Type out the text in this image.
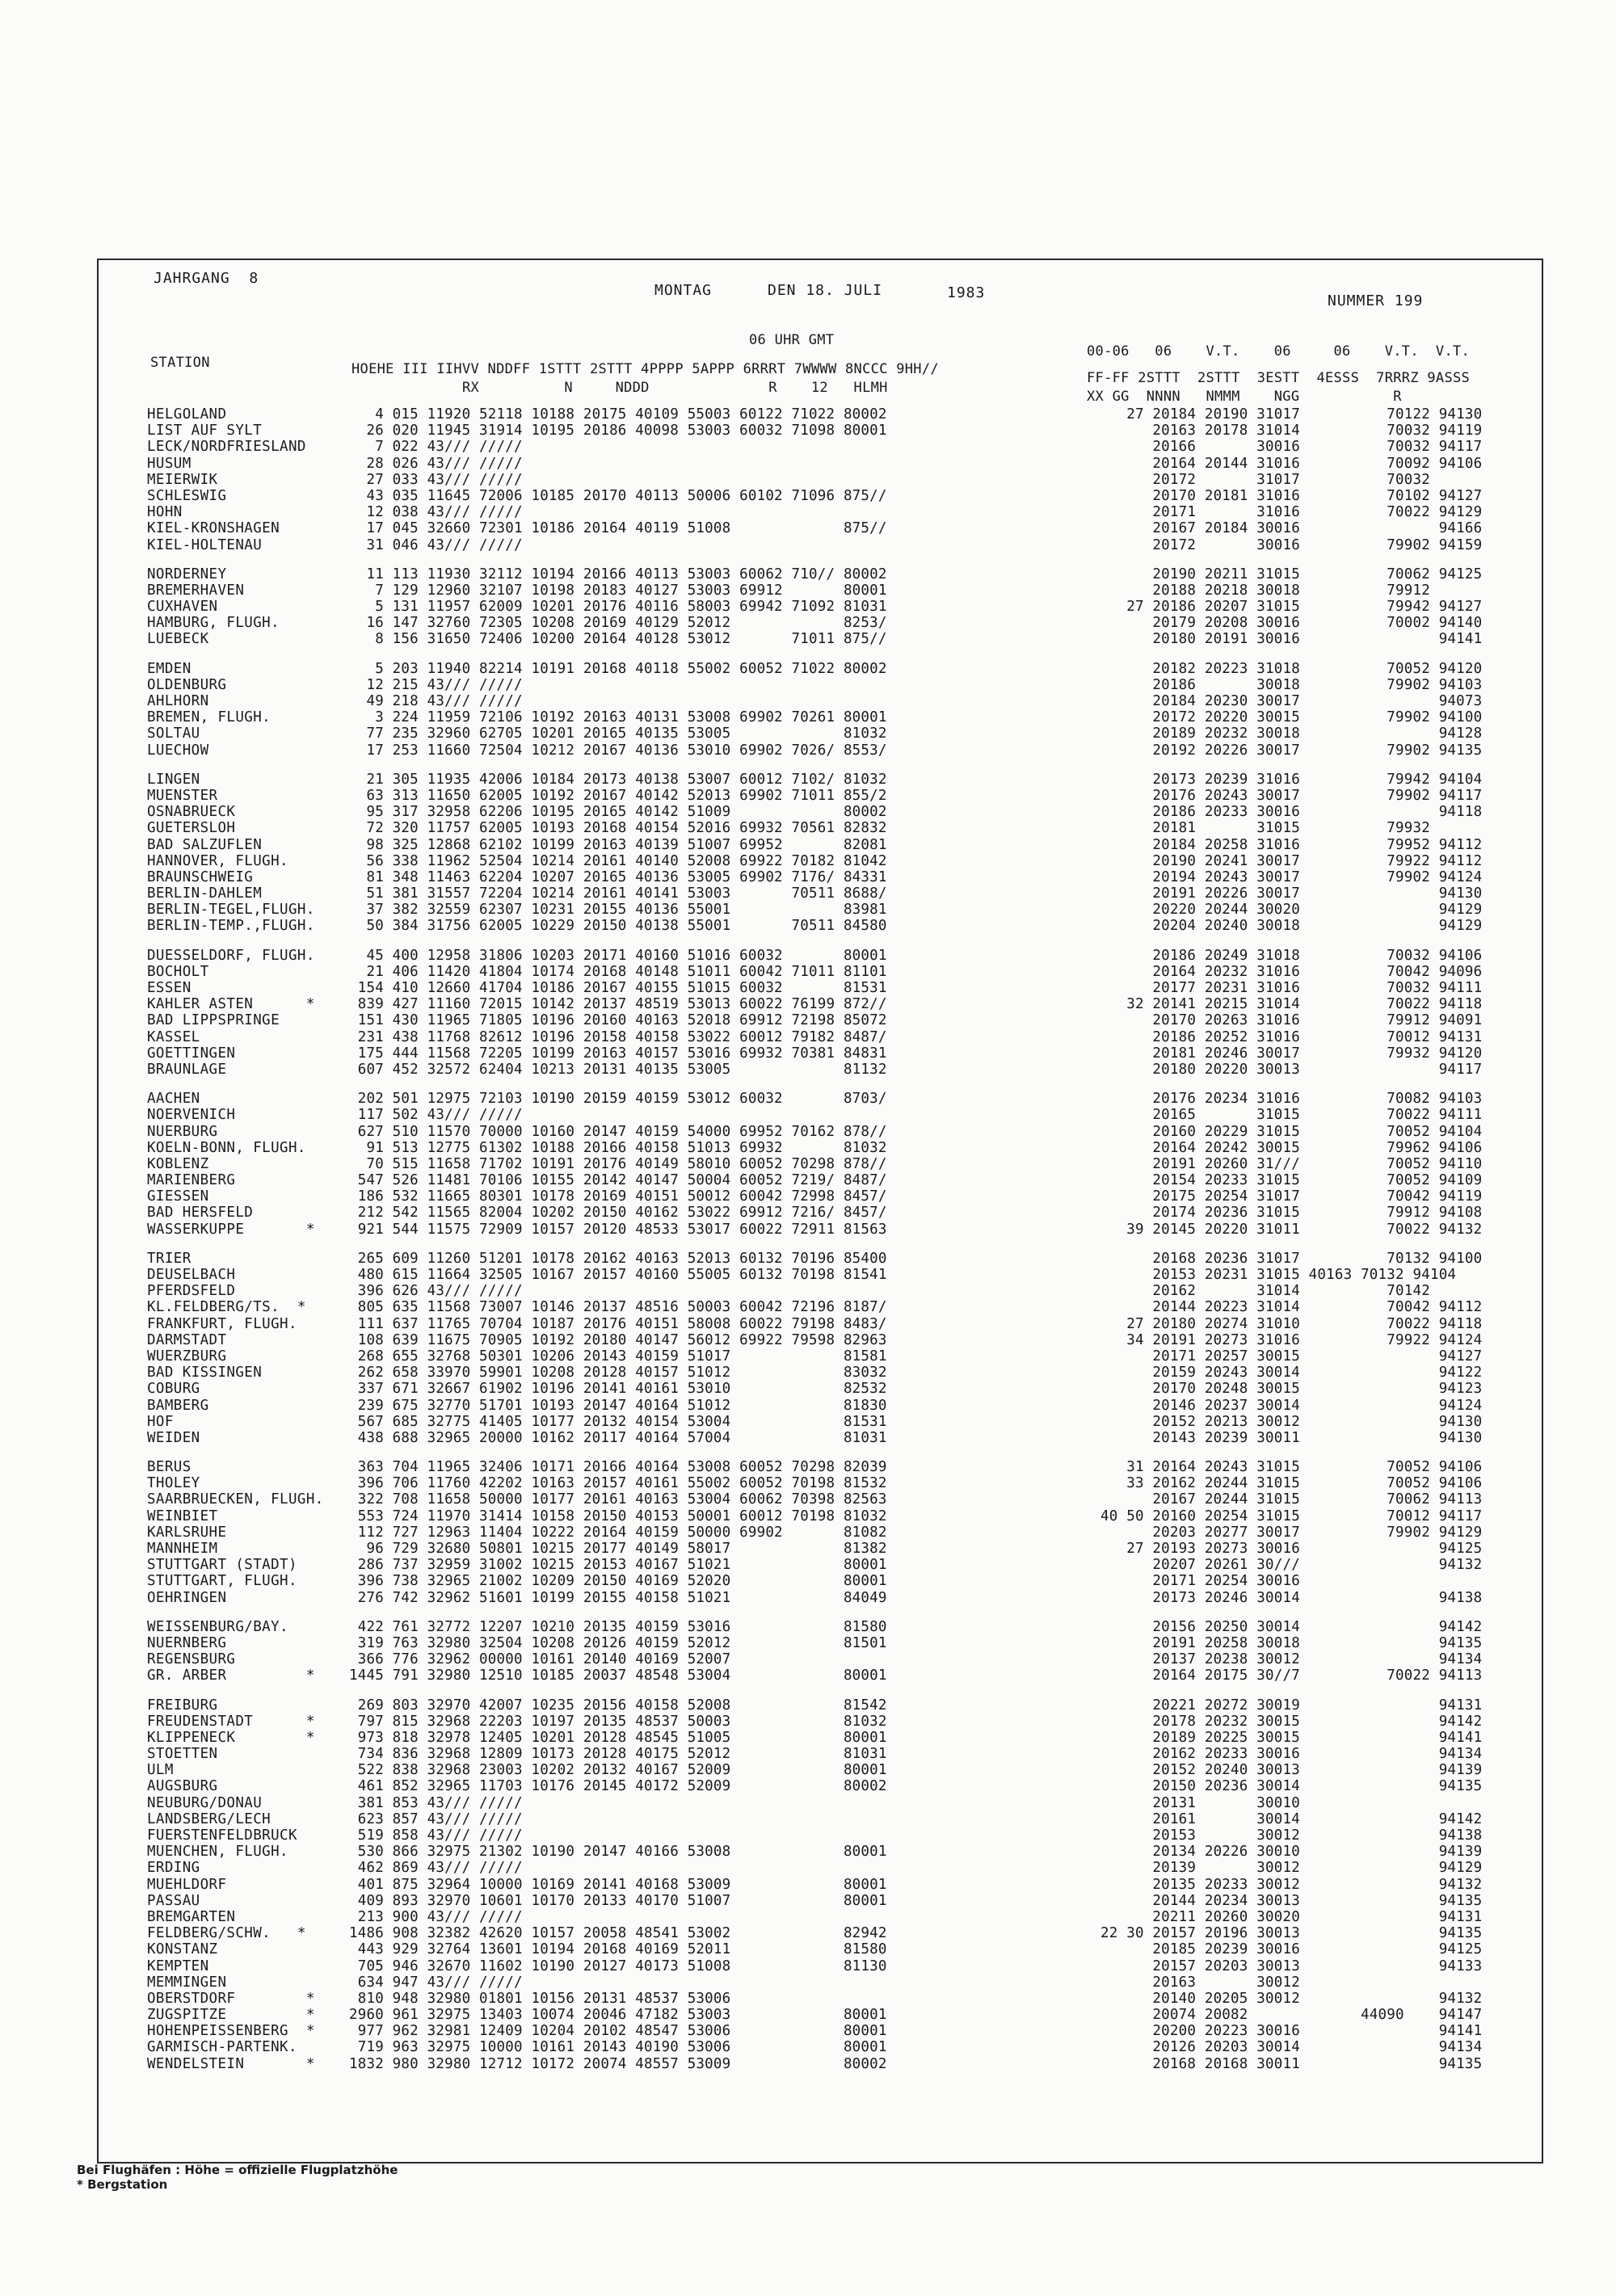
JAHRGANG  8
MONTAG	DEN 18. JULI	1983	NUMMER 199
06 UHR GMT
STATION	HOEHE III IIHVV NDDFF 1STTT 2STTT 4PPPP 5APPP 6RRRT 7WWWW 8NCCC 9HH//
RX          N     NDDD              R    12   HLMH
00-06   06    V.T.    06     06    V.T.  V.T.
FF-FF 2STTT  2STTT  3ESTT  4ESSS  7RRRZ 9ASSS
XX GG  NNNN   NMMM    NGG           R
HELGOLAND	4 015 11920 52118 10188 20175 40109 55003 60122 71022 80002	27 20184 20190 31017          70122 94130
LIST AUF SYLT	26 020 11945 31914 10195 20186 40098 53003 60032 71098 80001	20163 20178 31014          70032 94119
LECK/NORDFRIESLAND	7 022 43/// /////	20166       30016          70032 94117
HUSUM	28 026 43/// /////	20164 20144 31016          70092 94106
MEIERWIK	27 033 43/// /////	20172       31017          70032
SCHLESWIG	43 035 11645 72006 10185 20170 40113 50006 60102 71096 875//	20170 20181 31016          70102 94127
HOHN	12 038 43/// /////	20171       31016          70022 94129
KIEL-KRONSHAGEN	17 045 32660 72301 10186 20164 40119 51008             875//	20167 20184 30016                94166
KIEL-HOLTENAU	31 046 43/// /////	20172       30016          79902 94159
NORDERNEY	11 113 11930 32112 10194 20166 40113 53003 60062 710// 80002	20190 20211 31015          70062 94125
BREMERHAVEN	7 129 12960 32107 10198 20183 40127 53003 69912       80001	20188 20218 30018          79912
CUXHAVEN	5 131 11957 62009 10201 20176 40116 58003 69942 71092 81031	27 20186 20207 31015          79942 94127
HAMBURG, FLUGH.	16 147 32760 72305 10208 20169 40129 52012             8253/	20179 20208 30016          70002 94140
LUEBECK	8 156 31650 72406 10200 20164 40128 53012       71011 875//	20180 20191 30016                94141
EMDEN	5 203 11940 82214 10191 20168 40118 55002 60052 71022 80002	20182 20223 31018          70052 94120
OLDENBURG	12 215 43/// /////	20186       30018          79902 94103
AHLHORN	49 218 43/// /////	20184 20230 30017                94073
BREMEN, FLUGH.	3 224 11959 72106 10192 20163 40131 53008 69902 70261 80001	20172 20220 30015          79902 94100
SOLTAU	77 235 32960 62705 10201 20165 40135 53005             81032	20189 20232 30018                94128
LUECHOW	17 253 11660 72504 10212 20167 40136 53010 69902 7026/ 8553/	20192 20226 30017          79902 94135
LINGEN	21 305 11935 42006 10184 20173 40138 53007 60012 7102/ 81032	20173 20239 31016          79942 94104
MUENSTER	63 313 11650 62005 10192 20167 40142 52013 69902 71011 855/2	20176 20243 30017          79902 94117
OSNABRUECK	95 317 32958 62206 10195 20165 40142 51009             80002	20186 20233 30016                94118
GUETERSLOH	72 320 11757 62005 10193 20168 40154 52016 69932 70561 82832	20181       31015          79932
BAD SALZUFLEN	98 325 12868 62102 10199 20163 40139 51007 69952       82081	20184 20258 31016          79952 94112
HANNOVER, FLUGH.	56 338 11962 52504 10214 20161 40140 52008 69922 70182 81042	20190 20241 30017          79922 94112
BRAUNSCHWEIG	81 348 11463 62204 10207 20165 40136 53005 69902 7176/ 84331	20194 20243 30017          79902 94124
BERLIN-DAHLEM	51 381 31557 72204 10214 20161 40141 53003       70511 8688/	20191 20226 30017                94130
BERLIN-TEGEL,FLUGH. 37 382 32559 62307 10231 20155 40136 55001             83981	20220 20244 30020                94129
BERLIN-TEMP.,FLUGH. 50 384 31756 62005 10229 20150 40138 55001       70511 84580	20204 20240 30018                94129
DUESSELDORF, FLUGH. 45 400 12958 31806 10203 20171 40160 51016 60032       80001	20186 20249 31018          70032 94106
BOCHOLT	21 406 11420 41804 10174 20168 40148 51011 60042 71011 81101	20164 20232 31016          70042 94096
ESSEN	154 410 12660 41704 10186 20167 40155 51015 60032       81531	20177 20231 31016          70032 94111
KAHLER ASTEN      * 839 427 11160 72015 10142 20137 48519 53013 60022 76199 872//	32 20141 20215 31014          70022 94118
BAD LIPPSPRINGE	151 430 11965 71805 10196 20160 40163 52018 69912 72198 85072	20170 20263 31016          79912 94091
KASSEL	231 438 11768 82612 10196 20158 40158 53022 60012 79182 8487/	20186 20252 31016          70012 94131
GOETTINGEN	175 444 11568 72205 10199 20163 40157 53016 69932 70381 84831	20181 20246 30017          79932 94120
BRAUNLAGE	607 452 32572 62404 10213 20131 40135 53005             81132	20180 20220 30013                94117
AACHEN	202 501 12975 72103 10190 20159 40159 53012 60032       8703/	20176 20234 31016          70082 94103
NOERVENICH	117 502 43/// /////	20165       31015          70022 94111
NUERBURG	627 510 11570 70000 10160 20147 40159 54000 69952 70162 878//	20160 20229 31015          70052 94104
KOELN-BONN, FLUGH.	91 513 12775 61302 10188 20166 40158 51013 69932       81032	20164 20242 30015          79962 94106
KOBLENZ	70 515 11658 71702 10191 20176 40149 58010 60052 70298 878//	20191 20260 31///          70052 94110
MARIENBERG	547 526 11481 70106 10155 20142 40147 50004 60052 7219/ 8487/	20154 20233 31015          70052 94109
GIESSEN	186 532 11665 80301 10178 20169 40151 50012 60042 72998 8457/	20175 20254 31017          70042 94119
BAD HERSFELD	212 542 11565 82004 10202 20150 40162 53022 69912 7216/ 8457/	20174 20236 31015          79912 94108
WASSERKUPPE       * 921 544 11575 72909 10157 20120 48533 53017 60022 72911 81563	39 20145 20220 31011          70022 94132
TRIER	265 609 11260 51201 10178 20162 40163 52013 60132 70196 85400	20168 20236 31017          70132 94100
DEUSELBACH	480 615 11664 32505 10167 20157 40160 55005 60132 70198 81541	20153 20231 31015 40163 70132 94104
PFERDSFELD	396 626 43/// /////	20162       31014          70142
KL.FELDBERG/TS.  *	805 635 11568 73007 10146 20137 48516 50003 60042 72196 8187/	20144 20223 31014          70042 94112
FRANKFURT, FLUGH.	111 637 11765 70704 10187 20176 40151 58008 60022 79198 8483/	27 20180 20274 31010          70022 94118
DARMSTADT	108 639 11675 70905 10192 20180 40147 56012 69922 79598 82963	34 20191 20273 31016          79922 94124
WUERZBURG	268 655 32768 50301 10206 20143 40159 51017             81581	20171 20257 30015                94127
BAD KISSINGEN	262 658 33970 59901 10208 20128 40157 51012             83032	20159 20243 30014                94122
COBURG	337 671 32667 61902 10196 20141 40161 53010             82532	20170 20248 30015                94123
BAMBERG	239 675 32770 51701 10193 20147 40164 51012             81830	20146 20237 30014                94124
HOF	567 685 32775 41405 10177 20132 40154 53004             81531	20152 20213 30012                94130
WEIDEN	438 688 32965 20000 10162 20117 40164 57004             81031	20143 20239 30011                94130
BERUS	363 704 11965 32406 10171 20166 40164 53008 60052 70298 82039	31 20164 20243 31015          70052 94106
THOLEY	396 706 11760 42202 10163 20157 40161 55002 60052 70198 81532	33 20162 20244 31015          70052 94106
SAARBRUECKEN, FLUGH. 322 708 11658 50000 10177 20161 40163 53004 60062 70398 82563	20167 20244 31015          70062 94113
WEINBIET	553 724 11970 31414 10158 20150 40153 50001 60012 70198 81032	40 50 20160 20254 31015          70012 94117
KARLSRUHE	112 727 12963 11404 10222 20164 40159 50000 69902       81082	20203 20277 30017          79902 94129
MANNHEIM	96 729 32680 50801 10215 20177 40149 58017             81382	27 20193 20273 30016                94125
STUTTGART (STADT)	286 737 32959 31002 10215 20153 40167 51021             80001	20207 20261 30///                94132
STUTTGART, FLUGH.	396 738 32965 21002 10209 20150 40169 52020             80001	20171 20254 30016
OEHRINGEN	276 742 32962 51601 10199 20155 40158 51021             84049	20173 20246 30014                94138
WEISSENBURG/BAY.	422 761 32772 12207 10210 20135 40159 53016             81580	20156 20250 30014                94142
NUERNBERG	319 763 32980 32504 10208 20126 40159 52012             81501	20191 20258 30018                94135
REGENSBURG	366 776 32962 00000 10161 20140 40169 52007	20137 20238 30012                94134
GR. ARBER         * 1445 791 32980 12510 10185 20037 48548 53004             80001	20164 20175 30//7          70022 94113
FREIBURG	269 803 32970 42007 10235 20156 40158 52008             81542	20221 20272 30019                94131
FREUDENSTADT      * 797 815 32968 22203 10197 20135 48537 50003             81032	20178 20232 30015                94142
KLIPPENECK        * 973 818 32978 12405 10201 20128 48545 51005             80001	20189 20225 30015                94141
STOETTEN	734 836 32968 12809 10173 20128 40175 52012             81031	20162 20233 30016                94134
ULM	522 838 32968 23003 10202 20132 40167 52009             80001	20152 20240 30013                94139
AUGSBURG	461 852 32965 11703 10176 20145 40172 52009             80002	20150 20236 30014                94135
NEUBURG/DONAU	381 853 43/// /////	20131       30010
LANDSBERG/LECH	623 857 43/// /////	20161       30014                94142
FUERSTENFELDBRUCK	519 858 43/// /////	20153       30012                94138
MUENCHEN, FLUGH.	530 866 32975 21302 10190 20147 40166 53008             80001	20134 20226 30010                94139
ERDING	462 869 43/// /////	20139       30012                94129
MUEHLDORF	401 875 32964 10000 10169 20141 40168 53009             80001	20135 20233 30012                94132
PASSAU	409 893 32970 10601 10170 20133 40170 51007             80001	20144 20234 30013                94135
BREMGARTEN	213 900 43/// /////	20211 20260 30020                94131
FELDBERG/SCHW.   *	1486 908 32382 42620 10157 20058 48541 53002             82942	22 30 20157 20196 30013                94135
KONSTANZ	443 929 32764 13601 10194 20168 40169 52011             81580	20185 20239 30016                94125
KEMPTEN	705 946 32670 11602 10190 20127 40173 51008             81130	20157 20203 30013                94133
MEMMINGEN	634 947 43/// /////	20163       30012
OBERSTDORF        * 810 948 32980 01801 10156 20131 48537 53006	20140 20205 30012                94132
ZUGSPITZE         * 2960 961 32975 13403 10074 20046 47182 53003             80001	20074 20082             44090    94147
HOHENPEISSENBERG  * 977 962 32981 12409 10204 20102 48547 53006             80001	20200 20223 30016                94141
GARMISCH-PARTENK.	719 963 32975 10000 10161 20143 40190 53006             80001	20126 20203 30014                94134
WENDELSTEIN       * 1832 980 32980 12712 10172 20074 48557 53009             80002	20168 20168 30011                94135
Bei Flughäfen : Höhe = offizielle Flugplatzhöhe
* Bergstation
